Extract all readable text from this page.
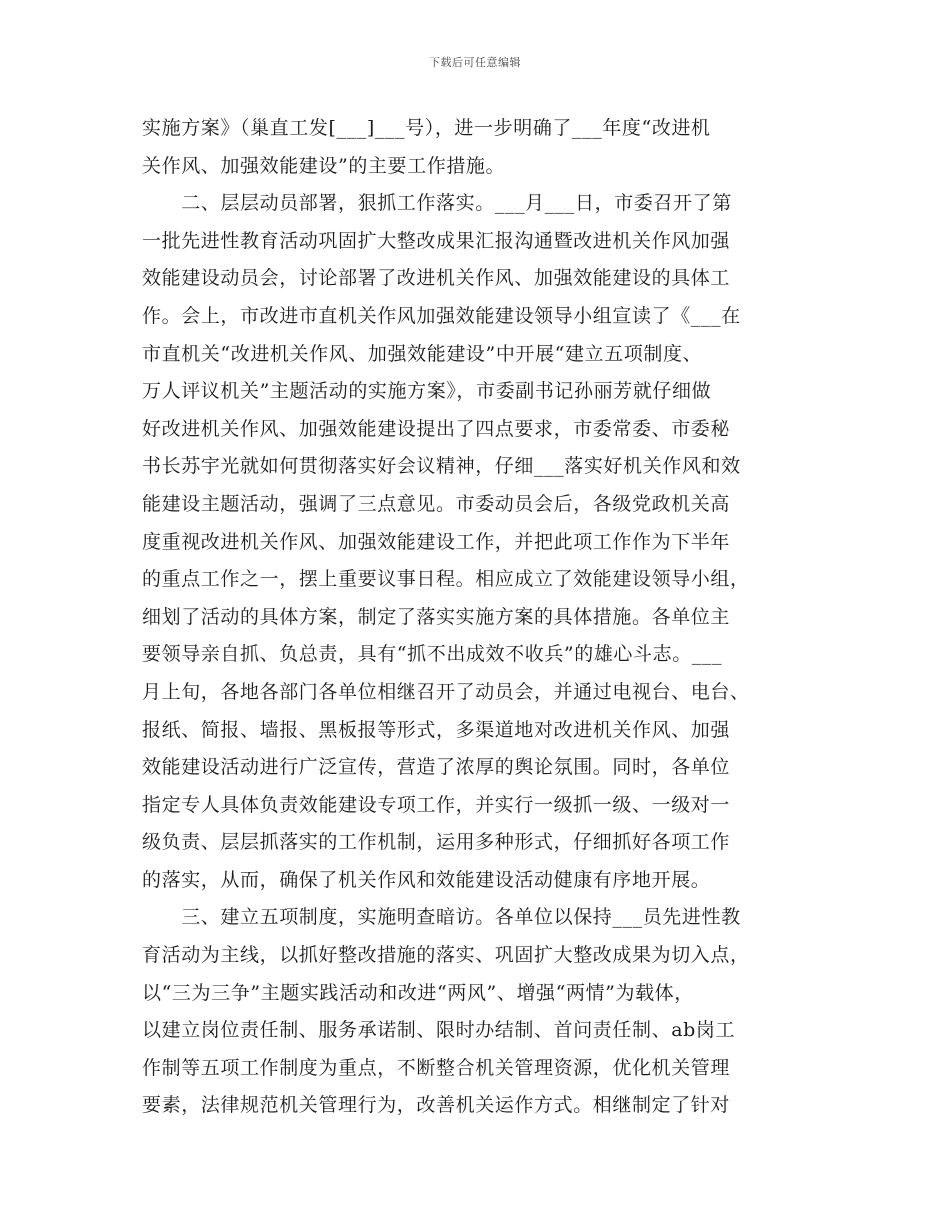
下载后可任意编辑
实施方案》（巢直工发[___]___号），进一步明确了___年度“改进机
关作风、加强效能建设”的主要工作措施。
　　二、层层动员部署，狠抓工作落实。___月___日，市委召开了第
一批先进性教育活动巩固扩大整改成果汇报沟通暨改进机关作风加强
效能建设动员会，讨论部署了改进机关作风、加强效能建设的具体工
作。会上，市改进市直机关作风加强效能建设领导小组宣读了《___在
市直机关“改进机关作风、加强效能建设”中开展“建立五项制度、
万人评议机关”主题活动的实施方案》，市委副书记孙丽芳就仔细做
好改进机关作风、加强效能建设提出了四点要求，市委常委、市委秘
书长苏宇光就如何贯彻落实好会议精神，仔细___落实好机关作风和效
能建设主题活动，强调了三点意见。市委动员会后，各级党政机关高
度重视改进机关作风、加强效能建设工作，并把此项工作作为下半年
的重点工作之一，摆上重要议事日程。相应成立了效能建设领导小组，
细划了活动的具体方案，制定了落实实施方案的具体措施。各单位主
要领导亲自抓、负总责，具有“抓不出成效不收兵”的雄心斗志。___
月上旬，各地各部门各单位相继召开了动员会，并通过电视台、电台、
报纸、简报、墙报、黑板报等形式，多渠道地对改进机关作风、加强
效能建设活动进行广泛宣传，营造了浓厚的舆论氛围。同时，各单位
指定专人具体负责效能建设专项工作，并实行一级抓一级、一级对一
级负责、层层抓落实的工作机制，运用多种形式，仔细抓好各项工作
的落实，从而，确保了机关作风和效能建设活动健康有序地开展。
　　三、建立五项制度，实施明查暗访。各单位以保持___员先进性教
育活动为主线，以抓好整改措施的落实、巩固扩大整改成果为切入点，
以“三为三争”主题实践活动和改进“两风”、增强“两情”为载体，
以建立岗位责任制、服务承诺制、限时办结制、首问责任制、ab岗工
作制等五项工作制度为重点，不断整合机关管理资源，优化机关管理
要素，法律规范机关管理行为，改善机关运作方式。相继制定了针对
